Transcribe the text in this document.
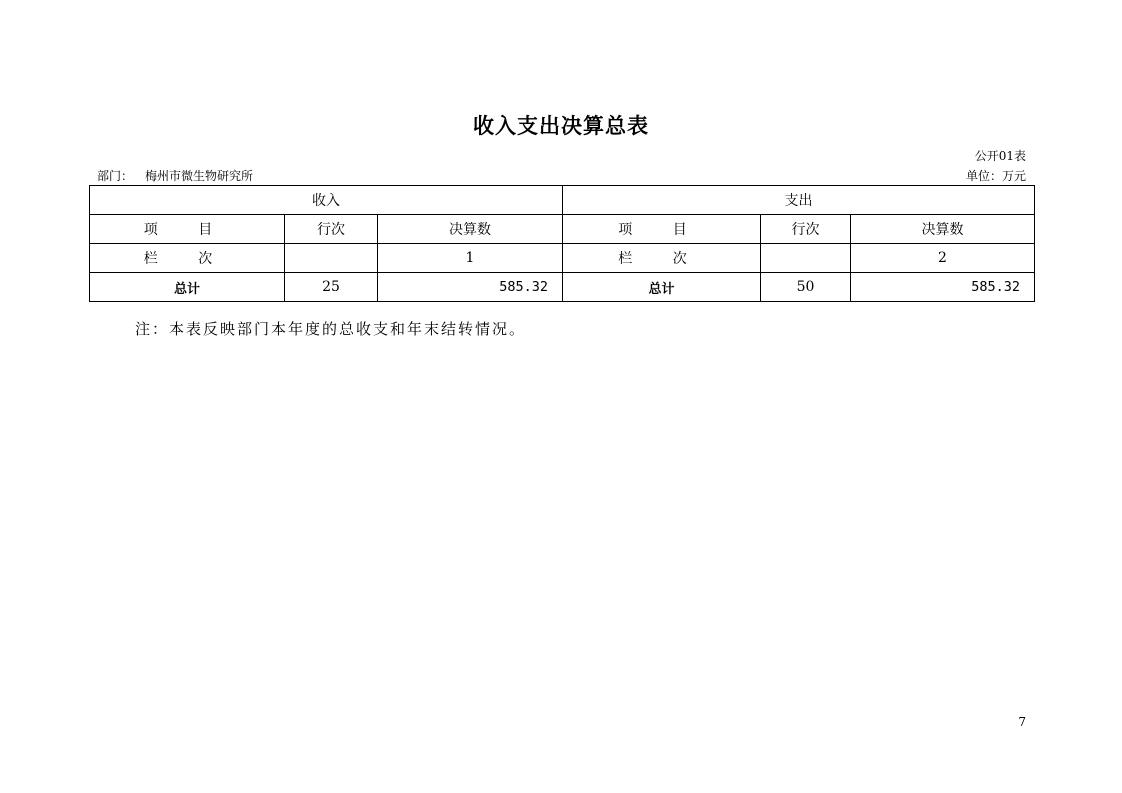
收入支出决算总表
公开01表
部门： 梅州市微生物研究所	单位：万元
收入			支出		
项 目	行次	决算数	项 目	行次	决算数
栏 次		1	栏 次		2
总计	25	585.32	总计	50	585.32
注：本表反映部门本年度的总收支和年末结转情况。
7
